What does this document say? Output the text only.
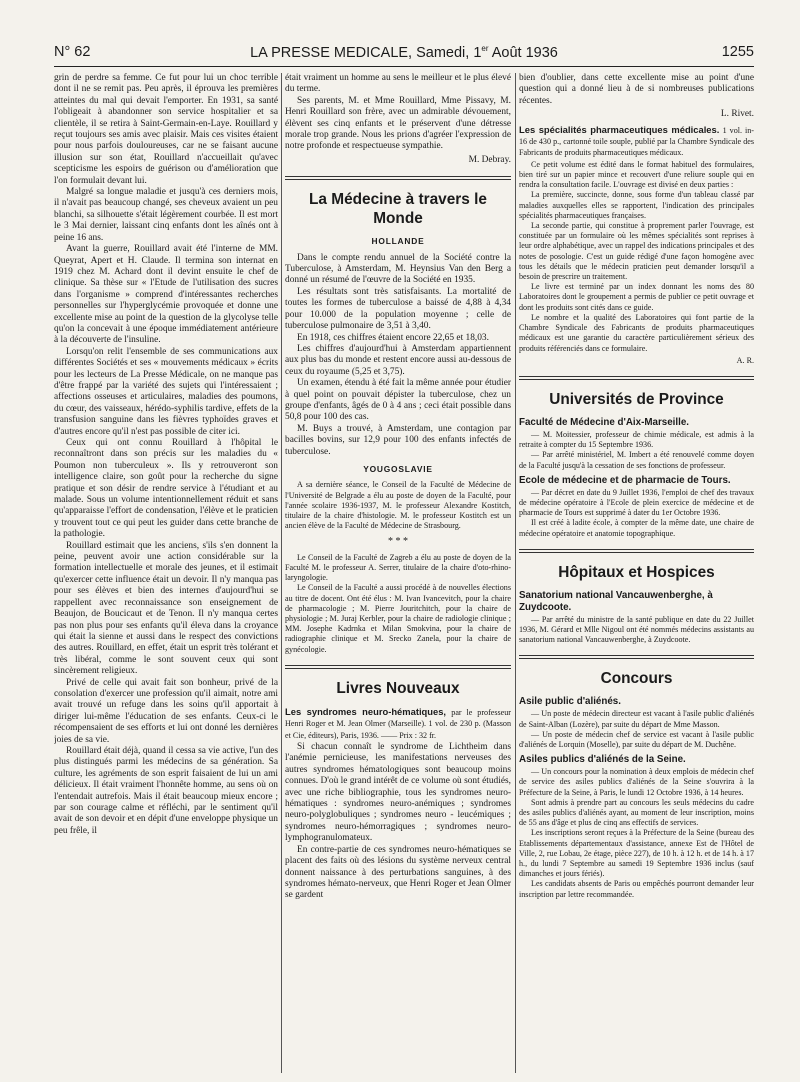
N° 62	LA PRESSE MEDICALE, Samedi, 1er Août 1936	1255

grin de perdre sa femme. Ce fut pour lui un choc terrible dont il ne se remit pas. Peu après, il éprouva les premières atteintes du mal qui devait l'emporter. En 1931, sa santé l'obligeait à abandonner son service hospitalier et sa clientèle, il se retira à Saint-Germain-en-Laye. Rouillard y reçut toujours ses amis avec plaisir. Mais ces visites étaient pour nous parfois douloureuses, car ne se faisant aucune illusion sur son état, Rouillard n'accueillait qu'avec scepticisme les espoirs de guérison ou d'amélioration que l'on formulait devant lui.

Malgré sa longue maladie et jusqu'à ces derniers mois, il n'avait pas beaucoup changé, ses cheveux avaient un peu blanchi, sa silhouette s'était légèrement courbée. Il est mort le 3 Mai dernier, laissant cinq enfants dont les aînés ont à peine 16 ans.

Avant la guerre, Rouillard avait été l'interne de MM. Queyrat, Apert et H. Claude. Il termina son internat en 1919 chez M. Achard dont il devint ensuite le chef de clinique. Sa thèse sur « l'Etude de l'utilisation des sucres dans l'organisme » comprend d'intéressantes recherches personnelles sur l'hyperglycémie provoquée et donne une excellente mise au point de la question de la glycolyse telle qu'on la concevait à une époque immédiatement antérieure à la découverte de l'insuline.

Lorsqu'on relit l'ensemble de ses communications aux différentes Sociétés et ses « mouvements médicaux » écrits pour les lecteurs de La Presse Médicale, on ne manque pas d'être frappé par la variété des sujets qui l'intéressaient ; affections osseuses et articulaires, maladies des poumons, du cœur, des vaisseaux, hérédo-syphilis tardive, effets de la transfusion sanguine dans les fièvres typhoïdes graves et d'autres encore qu'il n'est pas possible de citer ici.

Ceux qui ont connu Rouillard à l'hôpital le reconnaîtront dans son précis sur les maladies du « Poumon non tuberculeux ». Ils y retrouveront son intelligence claire, son goût pour la recherche du signe pratique et son désir de rendre service à l'étudiant et au malade. Sous un volume intentionnellement réduit et sans qu'apparaisse l'effort de condensation, l'élève et le praticien y trouvent tout ce qui peut les guider dans cette branche de la pathologie.

Rouillard estimait que les anciens, s'ils s'en donnent la peine, peuvent avoir une action considérable sur la formation intellectuelle et morale des jeunes, et il estimait qu'exercer cette influence était un devoir. Il n'y manqua pas pour ses élèves et bien des internes d'aujourd'hui se rappellent avec reconnaissance son enseignement de Beaujon, de Boucicaut et de Tenon. Il n'y manqua certes pas non plus pour ses enfants qu'il éleva dans la croyance qui était la sienne et aussi dans le respect des convictions des autres. Rouillard, en effet, était un esprit très tolérant et très libéral, comme le sont souvent ceux qui sont sincèrement religieux.

Privé de celle qui avait fait son bonheur, privé de la consolation d'exercer une profession qu'il aimait, notre ami avait trouvé un refuge dans les soins qu'il apportait à diriger lui-même l'éducation de ses enfants. Ceux-ci le récompensaient de ses efforts et lui ont donné les dernières joies de sa vie.

Rouillard était déjà, quand il cessa sa vie active, l'un des plus distingués parmi les médecins de sa génération. Sa culture, les agréments de son esprit faisaient de lui un ami délicieux. Il était vraiment l'honnête homme, au sens où on l'entendait autrefois. Mais il était beaucoup mieux encore ; par son courage calme et réfléchi, par le sentiment qu'il avait de son devoir et en dépit d'une enveloppe physique un peu frêle, il

était vraiment un homme au sens le meilleur et le plus élevé du terme.

Ses parents, M. et Mme Rouillard, Mme Pissavy, M. Henri Rouillard son frère, avec un admirable dévouement, élèvent ses cinq enfants et le préservent d'une détresse morale trop grande. Nous les prions d'agréer l'expression de notre profonde et respectueuse sympathie.

M. Debray.

La Médecine à travers le Monde
HOLLANDE

Dans le compte rendu annuel de la Société contre la Tuberculose, à Amsterdam, M. Heynsius Van den Berg a donné un résumé de l'œuvre de la Société en 1935.

Les résultats sont très satisfaisants. La mortalité de toutes les formes de tuberculose a baissé de 4,88 à 4,34 pour 10.000 de la population moyenne ; celle de tuberculose pulmonaire de 3,51 à 3,40.

En 1918, ces chiffres étaient encore 22,65 et 18,03.

Les chiffres d'aujourd'hui à Amsterdam appartiennent aux plus bas du monde et restent encore aussi au-dessous de ceux du royaume (5,25 et 3,75).

Un examen, étendu à été fait la même année pour étudier à quel point on pouvait dépister la tuberculose, chez un groupe d'enfants, âgés de 0 à 4 ans ; ceci était possible dans 50,8 pour 100 des cas.

M. Buys a trouvé, à Amsterdam, une contagion par bacilles bovins, sur 12,9 pour 100 des enfants infectés de tuberculose.

YOUGOSLAVIE

A sa dernière séance, le Conseil de la Faculté de Médecine de l'Université de Belgrade a élu au poste de doyen de la Faculté, pour l'année scolaire 1936-1937, M. le professeur Alexandre Kostitch, titulaire de la chaire d'histologie. M. le professeur Kostitch est un ancien élève de la Faculté de Médecine de Strasbourg.

* * *

Le Conseil de la Faculté de Zagreb a élu au poste de doyen de la Faculté M. le professeur A. Serrer, titulaire de la chaire d'oto-rhino-laryngologie.

Le Conseil de la Faculté a aussi procédé à de nouvelles élections au titre de docent. Ont été élus : M. Ivan Ivancevitch, pour la chaire de pharmacologie ; M. Pierre Jouritchitch, pour la chaire de physiologie ; M. Juraj Kerbler, pour la chaire de radiologie clinique ; MM. Josephe Kadrnka et Milan Smokvina, pour la chaire de radiographie clinique et M. Srecko Zanela, pour la chaire de gynécologie.

Livres Nouveaux

Les syndromes neuro-hématiques, par le professeur Henri Roger et M. Jean Olmer (Marseille). 1 vol. de 230 p. (Masson et Cie, éditeurs), Paris, 1936. —— Prix : 32 fr.

Si chacun connaît le syndrome de Lichtheim dans l'anémie pernicieuse, les manifestations nerveuses des autres syndromes hématologiques sont beaucoup moins connues. D'où le grand intérêt de ce volume où sont étudiés, avec une riche bibliographie, tous les syndromes neuro-hématiques : syndromes neuro-anémiques ; syndromes neuro-polyglobuliques ; syndromes neuro - leucémiques ; syndromes neuro-hémorragiques ; syndromes neuro-lymphogranulomateux.

En contre-partie de ces syndromes neuro-hématiques se placent des faits où des lésions du système nerveux central donnent naissance à des perturbations sanguines, à des syndromes hémato-nerveux, que Henri Roger et Jean Olmer se gardent

bien d'oublier, dans cette excellente mise au point d'une question qui a donné lieu à de si nombreuses publications récentes.

L. Rivet.

Les spécialités pharmaceutiques médicales. 1 vol. in-16 de 430 p., cartonné toile souple, publié par la Chambre Syndicale des Fabricants de produits pharmaceutiques médicaux.

Ce petit volume est édité dans le format habituel des formulaires, bien tiré sur un papier mince et recouvert d'une reliure souple qui en rendra la consultation facile. L'ouvrage est divisé en deux parties :

La première, succincte, donne, sous forme d'un tableau classé par maladies auxquelles elles se rapportent, l'indication des principales spécialités pharmaceutiques françaises.

La seconde partie, qui constitue à proprement parler l'ouvrage, est constituée par un formulaire où les mêmes spécialités sont reprises à leur ordre alphabétique, avec un rappel des indications principales et des notes de posologie. C'est un guide rédigé d'une façon homogène avec tous les détails que le médecin praticien peut demander lorsqu'il a besoin de prescrire un traitement.

Le livre est terminé par un index donnant les noms des 80 Laboratoires dont le groupement a permis de publier ce petit ouvrage et dont les produits sont cités dans ce guide.

Le nombre et la qualité des Laboratoires qui font partie de la Chambre Syndicale des Fabricants de produits pharmaceutiques médicaux est une garantie du caractère particulièrement sérieux des produits référenciés dans ce formulaire.

A. R.

Universités de Province
Faculté de Médecine d'Aix-Marseille.

— M. Moitessier, professeur de chimie médicale, est admis à la retraite à compter du 15 Septembre 1936.

— Par arrêté ministériel, M. Imbert a été renouvelé comme doyen de la Faculté jusqu'à la cessation de ses fonctions de professeur.

Ecole de médecine et de pharmacie de Tours.

— Par décret en date du 9 Juillet 1936, l'emploi de chef des travaux de médecine opératoire à l'Ecole de plein exercice de médecine et de pharmacie de Tours est supprimé à dater du 1er Octobre 1936.

Il est créé à ladite école, à compter de la même date, une chaire de médecine opératoire et anatomie topographique.

Hôpitaux et Hospices
Sanatorium national Vancauwenberghe, à Zuydcoote.

— Par arrêté du ministre de la santé publique en date du 22 Juillet 1936, M. Gérard et Mlle Nigoul ont été nommés médecins assistants au sanatorium national Vancauwenberghe, à Zuydcoote.

Concours
Asile public d'aliénés.

— Un poste de médecin directeur est vacant à l'asile public d'aliénés de Saint-Alban (Lozère), par suite du départ de Mme Masson.

— Un poste de médecin chef de service est vacant à l'asile public d'aliénés de Lorquin (Moselle), par suite du départ de M. Duchêne.

Asiles publics d'aliénés de la Seine.

— Un concours pour la nomination à deux emplois de médecin chef de service des asiles publics d'aliénés de la Seine s'ouvrira à la Préfecture de la Seine, à Paris, le lundi 12 Octobre 1936, à 14 heures.

Sont admis à prendre part au concours les seuls médecins du cadre des asiles publics d'aliénés ayant, au moment de leur inscription, moins de 55 ans d'âge et plus de cinq ans effectifs de services.

Les inscriptions seront reçues à la Préfecture de la Seine (bureau des Etablissements départementaux d'assistance, annexe Est de l'Hôtel de Ville, 2, rue Lobau, 2e étage, pièce 227), de 10 h. à 12 h. et de 14 h. à 17 h., du lundi 7 Septembre au samedi 19 Septembre 1936 inclus (sauf dimanches et jours fériés).

Les candidats absents de Paris ou empêchés pourront demander leur inscription par lettre recommandée.
